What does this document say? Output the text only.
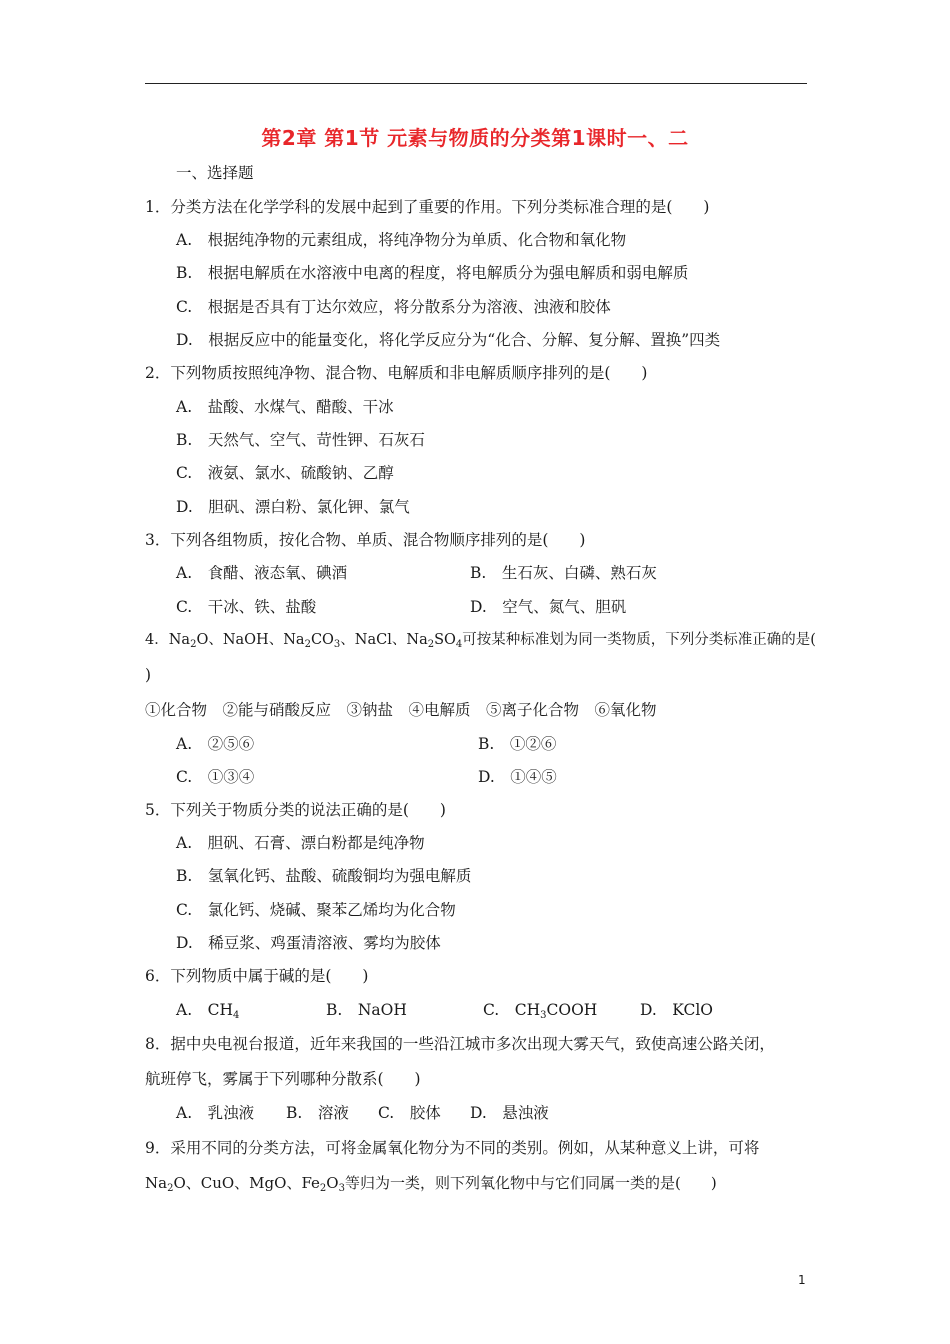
第2章 第1节 元素与物质的分类第1课时一、二
一、选择题
1．分类方法在化学学科的发展中起到了重要的作用。下列分类标准合理的是(　　)
A.　根据纯净物的元素组成，将纯净物分为单质、化合物和氧化物
B.　根据电解质在水溶液中电离的程度，将电解质分为强电解质和弱电解质
C.　根据是否具有丁达尔效应，将分散系分为溶液、浊液和胶体
D.　根据反应中的能量变化，将化学反应分为“化合、分解、复分解、置换”四类
2．下列物质按照纯净物、混合物、电解质和非电解质顺序排列的是(　　)
A.　盐酸、水煤气、醋酸、干冰
B.　天然气、空气、苛性钾、石灰石
C.　液氨、氯水、硫酸钠、乙醇
D.　胆矾、漂白粉、氯化钾、氯气
3．下列各组物质，按化合物、单质、混合物顺序排列的是(　　)
A.　食醋、液态氧、碘酒	B.　生石灰、白磷、熟石灰
C.　干冰、铁、盐酸	D.　空气、氮气、胆矾
4．$Na_2O$、NaOH、$Na_2CO_3$、NaCl、$Na_2SO_4$可按某种标准划为同一类物质，下列分类标准正确的是(
)
①化合物　②能与硝酸反应　③钠盐　④电解质　⑤离子化合物　⑥氧化物
A.　②⑤⑥	B.　①②⑥
C.　①③④	D.　①④⑤
5．下列关于物质分类的说法正确的是(　　)
A.　胆矾、石膏、漂白粉都是纯净物
B.　氢氧化钙、盐酸、硫酸铜均为强电解质
C.　氯化钙、烧碱、聚苯乙烯均为化合物
D.　稀豆浆、鸡蛋清溶液、雾均为胶体
6．下列物质中属于碱的是(　　)
A.　$CH_4$	B.　NaOH	C.　$CH_3COOH$	D.　KClO
8．据中央电视台报道，近年来我国的一些沿江城市多次出现大雾天气，致使高速公路关闭，
航班停飞，雾属于下列哪种分散系(　　)
A.　乳浊液 B.　溶液 C.　胶体 D.　悬浊液
9．采用不同的分类方法，可将金属氧化物分为不同的类别。例如，从某种意义上讲，可将
$Na_2O$、CuO、MgO、$Fe_2O_3$等归为一类，则下列氧化物中与它们同属一类的是(　　)
1
